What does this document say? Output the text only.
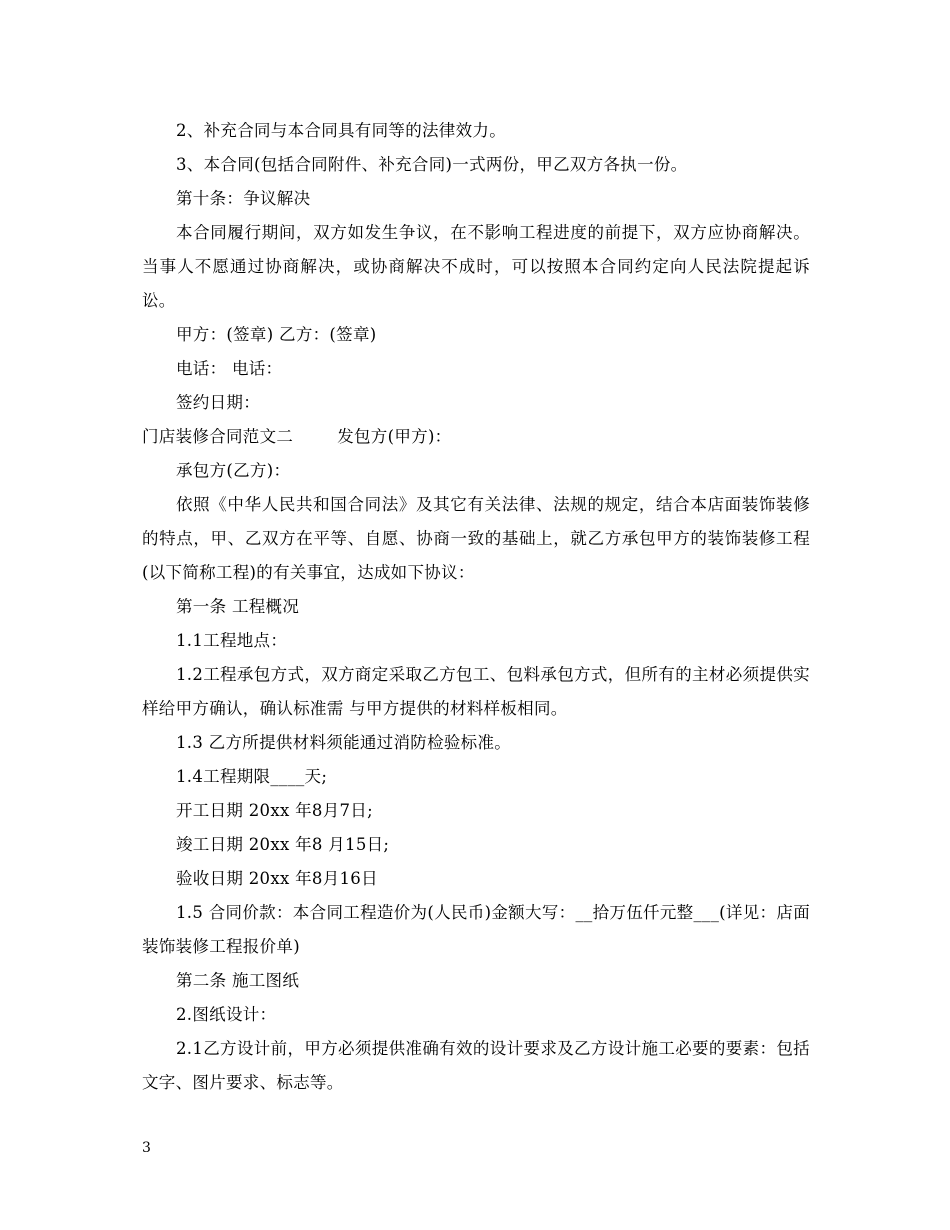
2、补充合同与本合同具有同等的法律效力。

3、本合同(包括合同附件、补充合同)一式两份，甲乙双方各执一份。

第十条：争议解决

本合同履行期间，双方如发生争议，在不影响工程进度的前提下，双方应协商解决。当事人不愿通过协商解决，或协商解决不成时，可以按照本合同约定向人民法院提起诉讼。

甲方：(签章) 乙方：(签章)

电话： 电话：

签约日期：

门店装修合同范文二	发包方(甲方)：

承包方(乙方)：

依照《中华人民共和国合同法》及其它有关法律、法规的规定，结合本店面装饰装修的特点，甲、乙双方在平等、自愿、协商一致的基础上，就乙方承包甲方的装饰装修工程(以下简称工程)的有关事宜，达成如下协议：

第一条 工程概况

1.1工程地点：

1.2工程承包方式，双方商定采取乙方包工、包料承包方式，但所有的主材必须提供实样给甲方确认，确认标准需 与甲方提供的材料样板相同。

1.3 乙方所提供材料须能通过消防检验标准。

1.4工程期限____天;

开工日期 20xx 年8月7日;

竣工日期 20xx 年8 月15日;

验收日期 20xx 年8月16日

1.5 合同价款：本合同工程造价为(人民币)金额大写：__拾万伍仟元整___(详见：店面装饰装修工程报价单)

第二条 施工图纸

2.图纸设计：

2.1乙方设计前，甲方必须提供准确有效的设计要求及乙方设计施工必要的要素：包括文字、图片要求、标志等。

3
